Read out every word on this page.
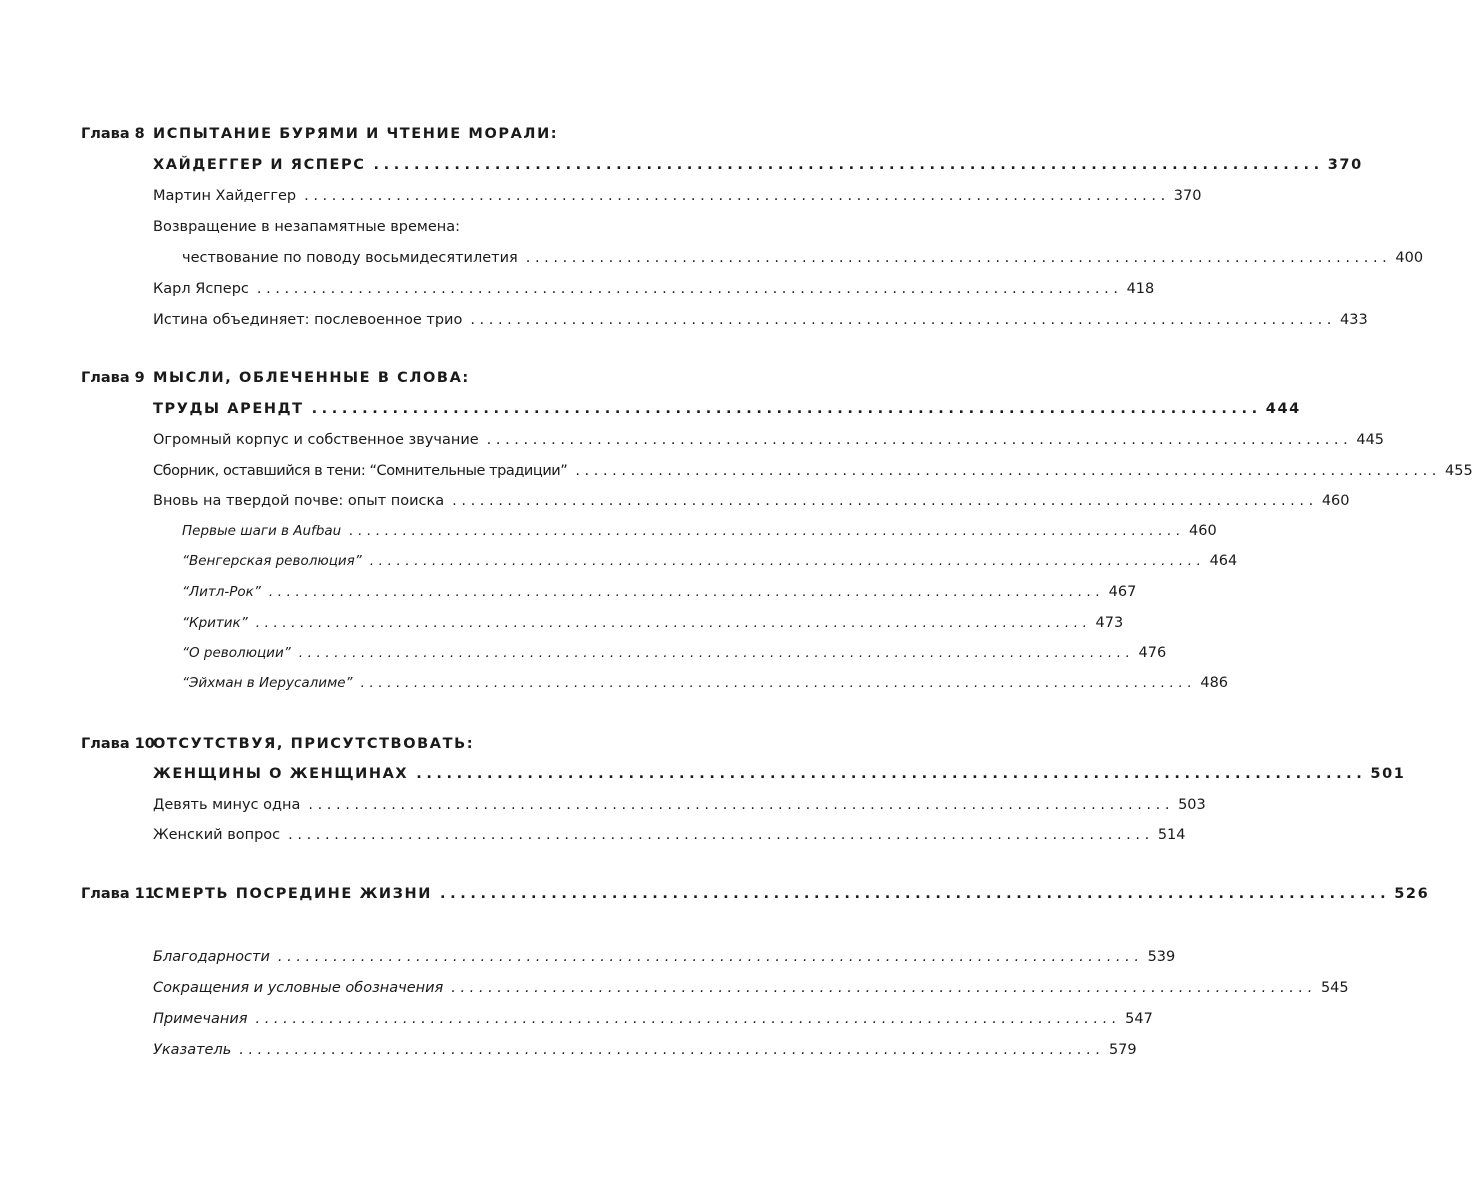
Глава 8 ИСПЫТАНИЕ БУРЯМИ И ЧТЕНИЕ МОРАЛИ:
ХАЙДЕГГЕР И ЯСПЕРС .............................................................................................. 370
Мартин Хайдеггер .............................................................................................. 370
Возвращение в незапамятные времена:
чествование по поводу восьмидесятилетия .............................................................................................. 400
Карл Ясперс .............................................................................................. 418
Истина объединяет: послевоенное трио .............................................................................................. 433
Глава 9 МЫСЛИ, ОБЛЕЧЕННЫЕ В СЛОВА:
ТРУДЫ АРЕНДТ .............................................................................................. 444
Огромный корпус и собственное звучание .............................................................................................. 445
Сборник, оставшийся в тени: “Сомнительные традиции” .............................................................................................. 455
Вновь на твердой почве: опыт поиска .............................................................................................. 460
Первые шаги в Aufbau .............................................................................................. 460
“Венгерская революция” .............................................................................................. 464
“Литл-Рок” .............................................................................................. 467
“Критик” .............................................................................................. 473
“О революции” .............................................................................................. 476
“Эйхман в Иерусалиме” .............................................................................................. 486
Глава 10
ОТСУТСТВУЯ, ПРИСУТСТВОВАТЬ:
ЖЕНЩИНЫ О ЖЕНЩИНАХ .............................................................................................. 501
Девять минус одна .............................................................................................. 503
Женский вопрос .............................................................................................. 514
Глава 11
СМЕРТЬ ПОСРЕДИНЕ ЖИЗНИ .............................................................................................. 526
Благодарности .............................................................................................. 539
Сокращения и условные обозначения .............................................................................................. 545
Примечания .............................................................................................. 547
Указатель .............................................................................................. 579
